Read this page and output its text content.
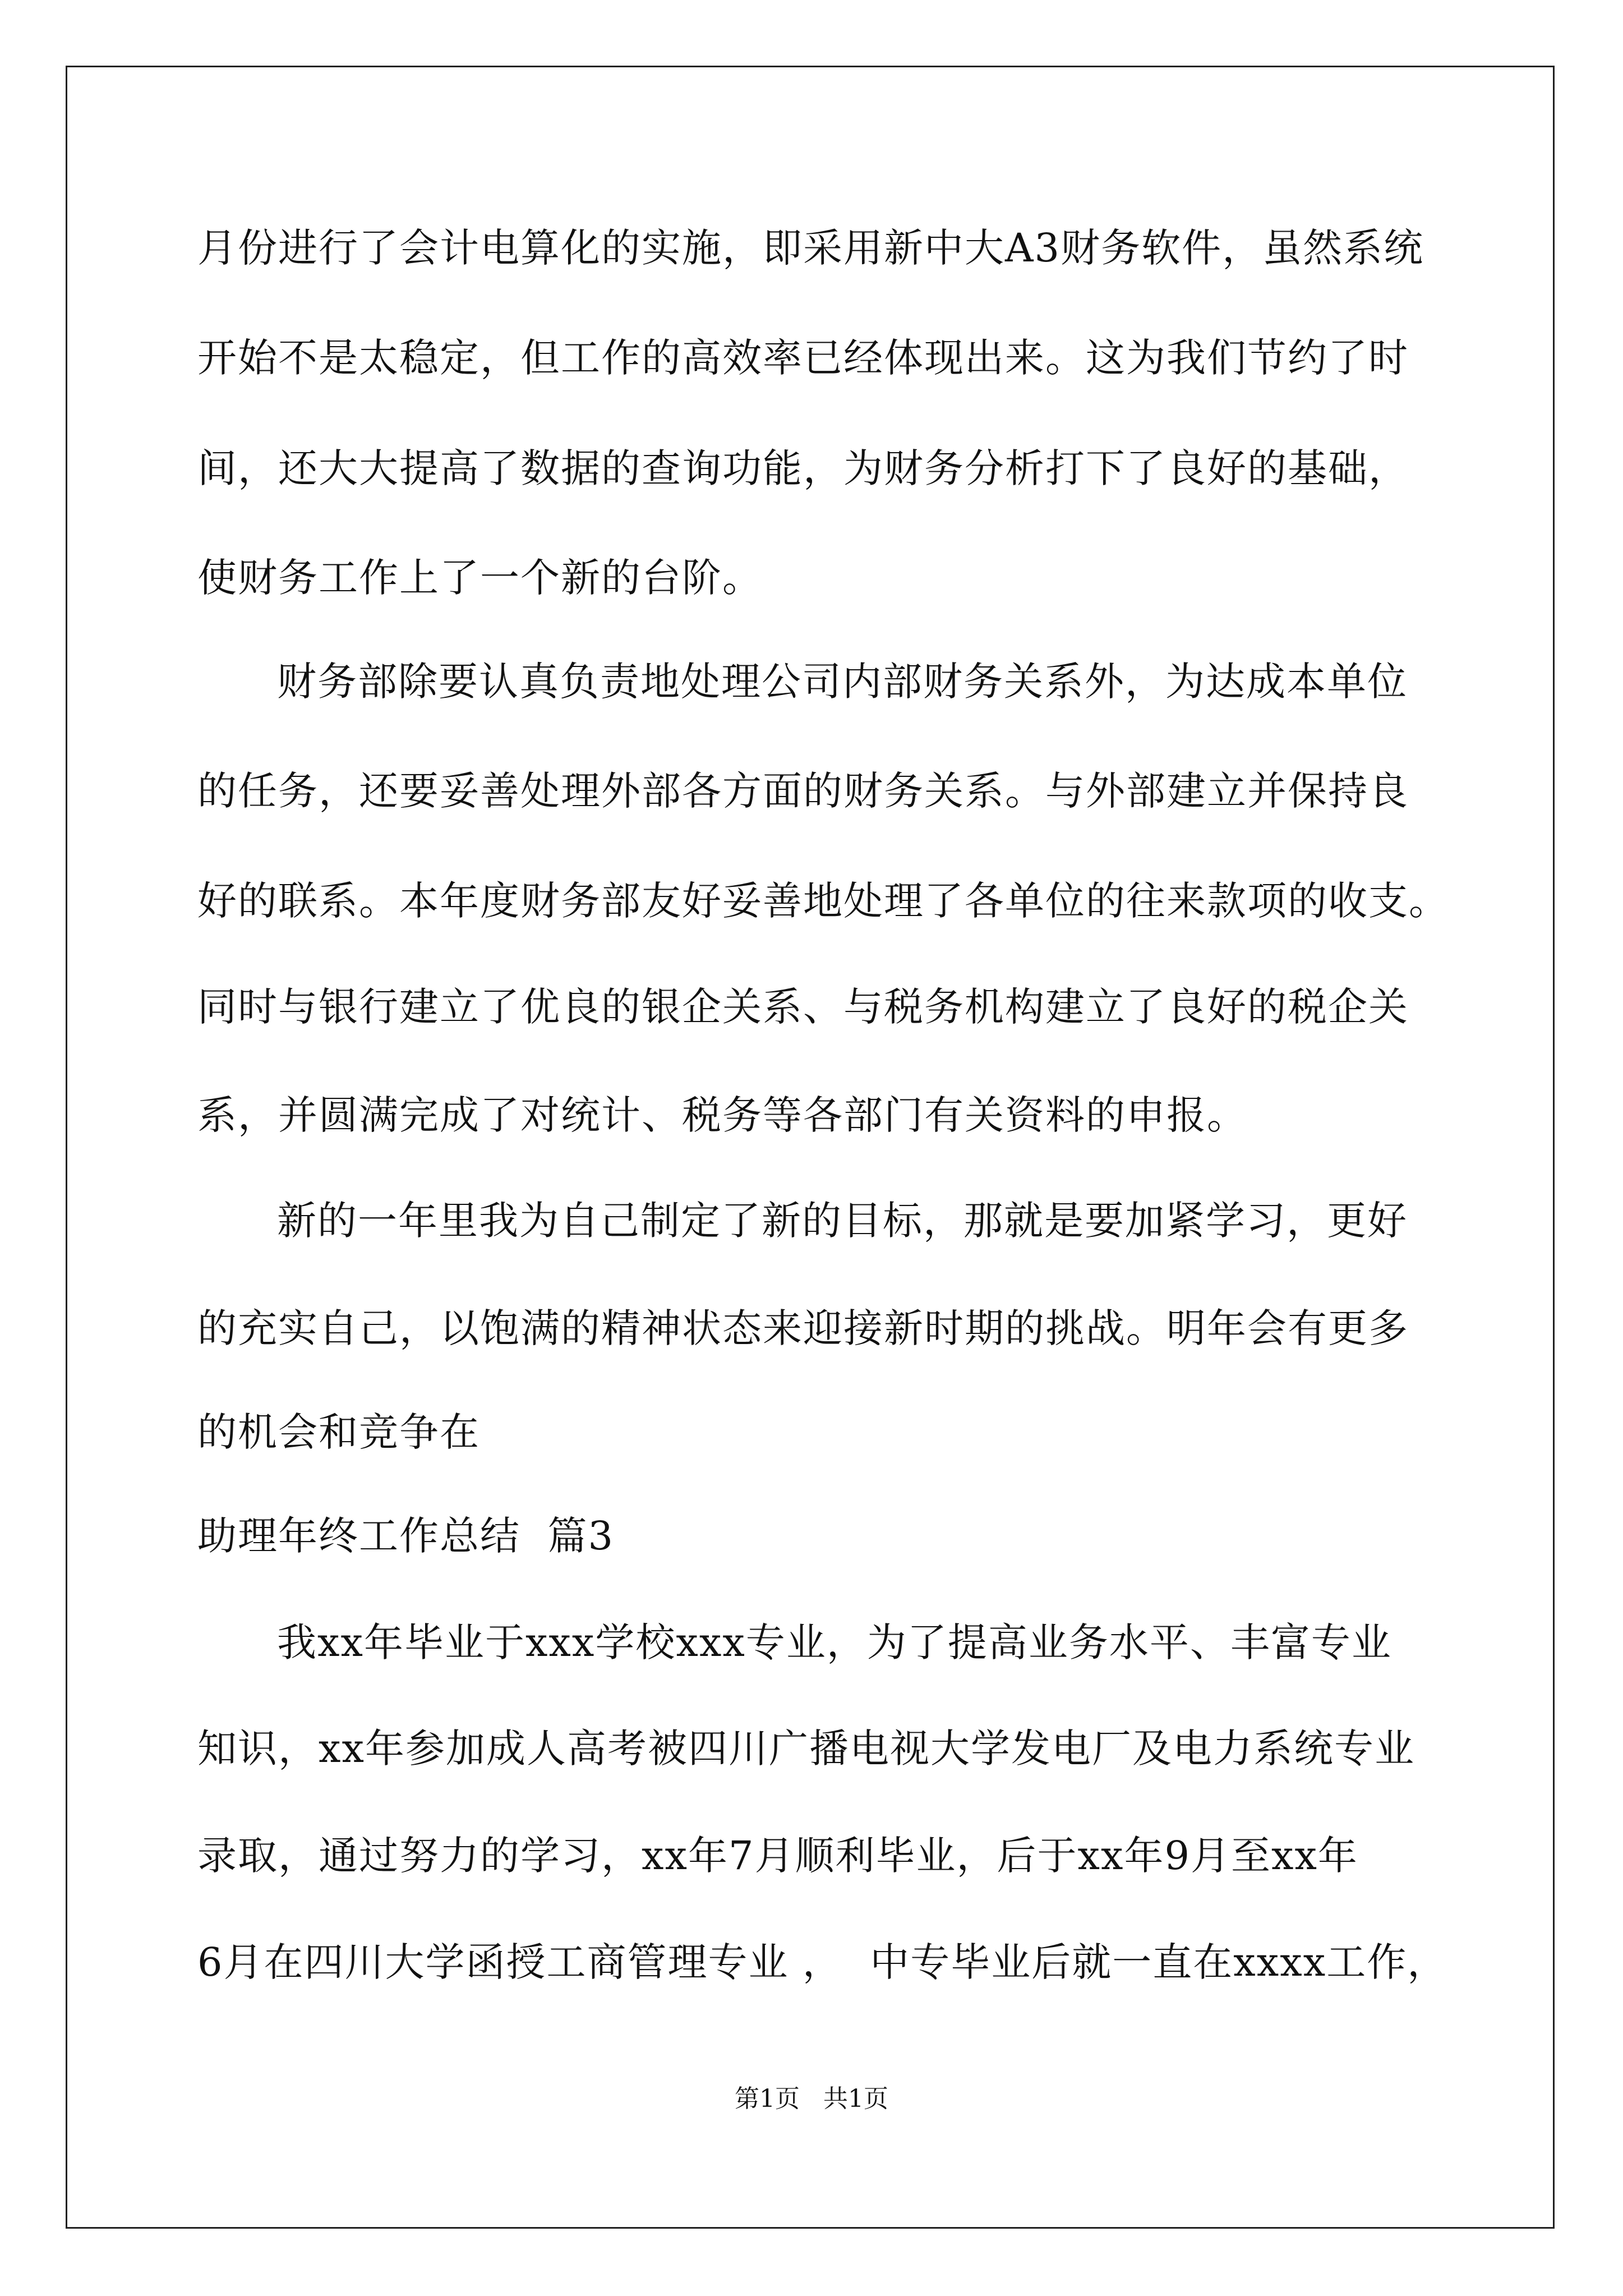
月份进行了会计电算化的实施，即采用新中大A3财务软件，虽然系统
开始不是太稳定，但工作的高效率已经体现出来。这为我们节约了时
间，还大大提高了数据的查询功能，为财务分析打下了良好的基础，
使财务工作上了一个新的台阶。
财务部除要认真负责地处理公司内部财务关系外，为达成本单位
的任务，还要妥善处理外部各方面的财务关系。与外部建立并保持良
好的联系。本年度财务部友好妥善地处理了各单位的往来款项的收支。
同时与银行建立了优良的银企关系、与税务机构建立了良好的税企关
系，并圆满完成了对统计、税务等各部门有关资料的申报。
新的一年里我为自己制定了新的目标，那就是要加紧学习，更好
的充实自己，以饱满的精神状态来迎接新时期的挑战。明年会有更多
的机会和竞争在
助理年终工作总结  篇3
我xx年毕业于xxx学校xxx专业，为了提高业务水平、丰富专业
知识，xx年参加成人高考被四川广播电视大学发电厂及电力系统专业
录取，通过努力的学习，xx年7月顺利毕业，后于xx年9月至xx年
6月在四川大学函授工商管理专业 ，  中专毕业后就一直在xxxx工作，
第1页   共1页
